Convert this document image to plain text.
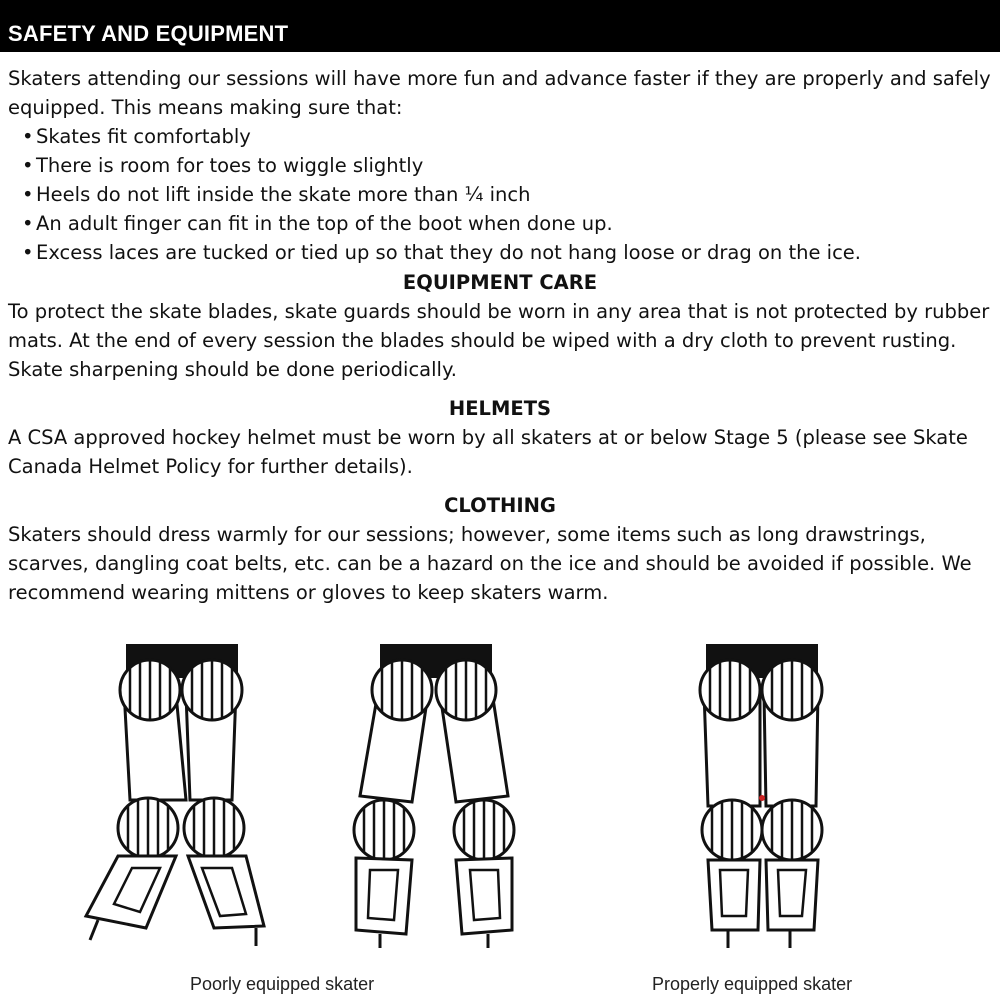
SAFETY AND EQUIPMENT

Skaters attending our sessions will have more fun and advance faster if they are properly and safely equipped. This means making sure that:

• Skates fit comfortably
• There is room for toes to wiggle slightly
• Heels do not lift inside the skate more than ¼ inch
• An adult finger can fit in the top of the boot when done up.
• Excess laces are tucked or tied up so that they do not hang loose or drag on the ice.

EQUIPMENT CARE

To protect the skate blades, skate guards should be worn in any area that is not protected by rubber mats. At the end of every session the blades should be wiped with a dry cloth to prevent rusting. Skate sharpening should be done periodically.

HELMETS

A CSA approved hockey helmet must be worn by all skaters at or below Stage 5 (please see Skate Canada Helmet Policy for further details).

CLOTHING

Skaters should dress warmly for our sessions; however, some items such as long drawstrings, scarves, dangling coat belts, etc. can be a hazard on the ice and should be avoided if possible. We recommend wearing mittens or gloves to keep skaters warm.

Poorly equipped skater	Properly equipped skater
